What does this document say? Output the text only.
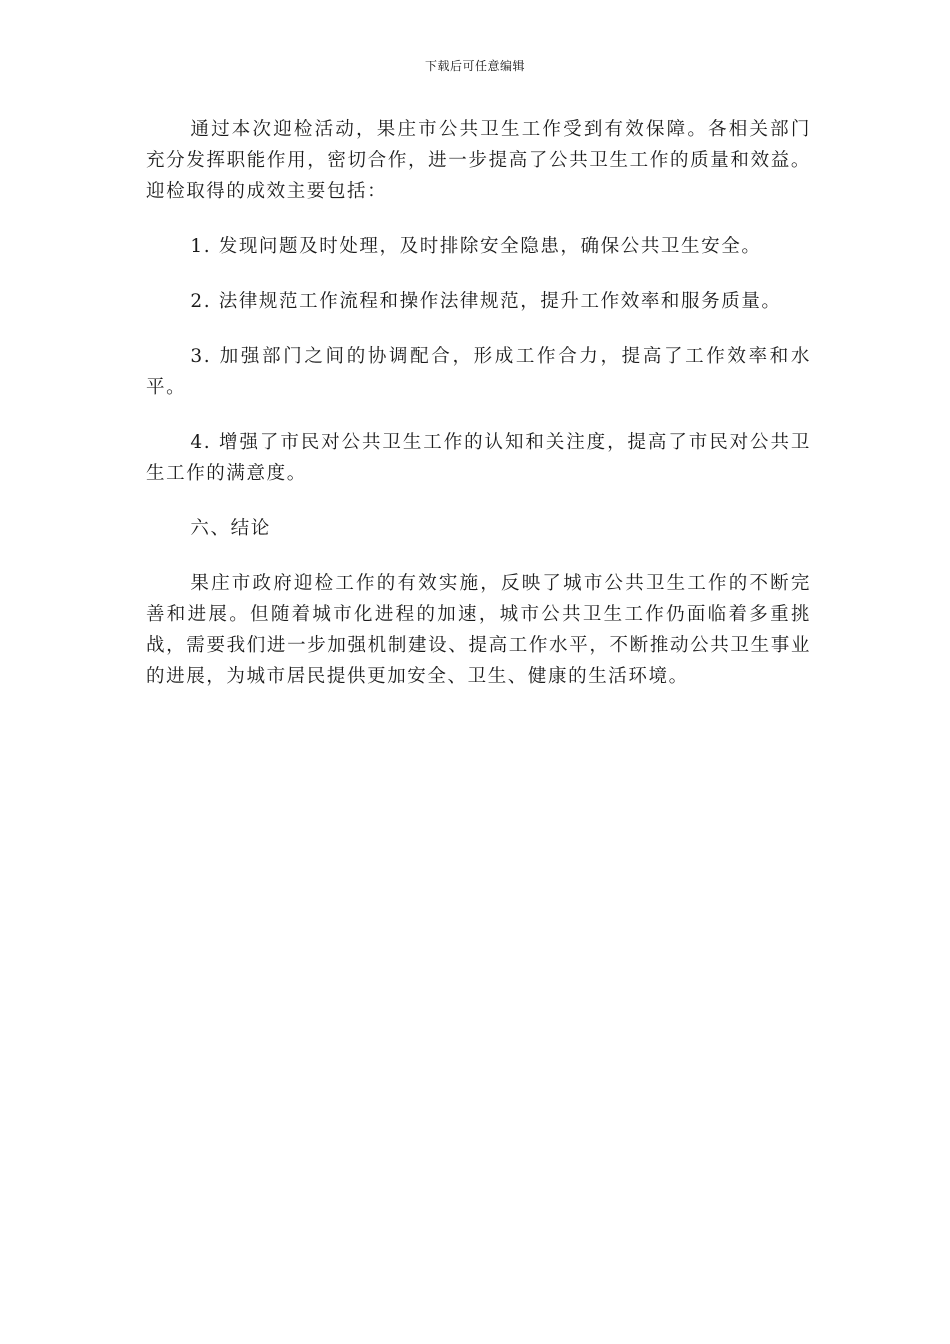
下载后可任意编辑

通过本次迎检活动，果庄市公共卫生工作受到有效保障。各相关部门充分发挥职能作用，密切合作，进一步提高了公共卫生工作的质量和效益。迎检取得的成效主要包括：

1. 发现问题及时处理，及时排除安全隐患，确保公共卫生安全。

2. 法律规范工作流程和操作法律规范，提升工作效率和服务质量。

3. 加强部门之间的协调配合，形成工作合力，提高了工作效率和水平。

4. 增强了市民对公共卫生工作的认知和关注度，提高了市民对公共卫生工作的满意度。

六、结论

果庄市政府迎检工作的有效实施，反映了城市公共卫生工作的不断完善和进展。但随着城市化进程的加速，城市公共卫生工作仍面临着多重挑战，需要我们进一步加强机制建设、提高工作水平，不断推动公共卫生事业的进展，为城市居民提供更加安全、卫生、健康的生活环境。
